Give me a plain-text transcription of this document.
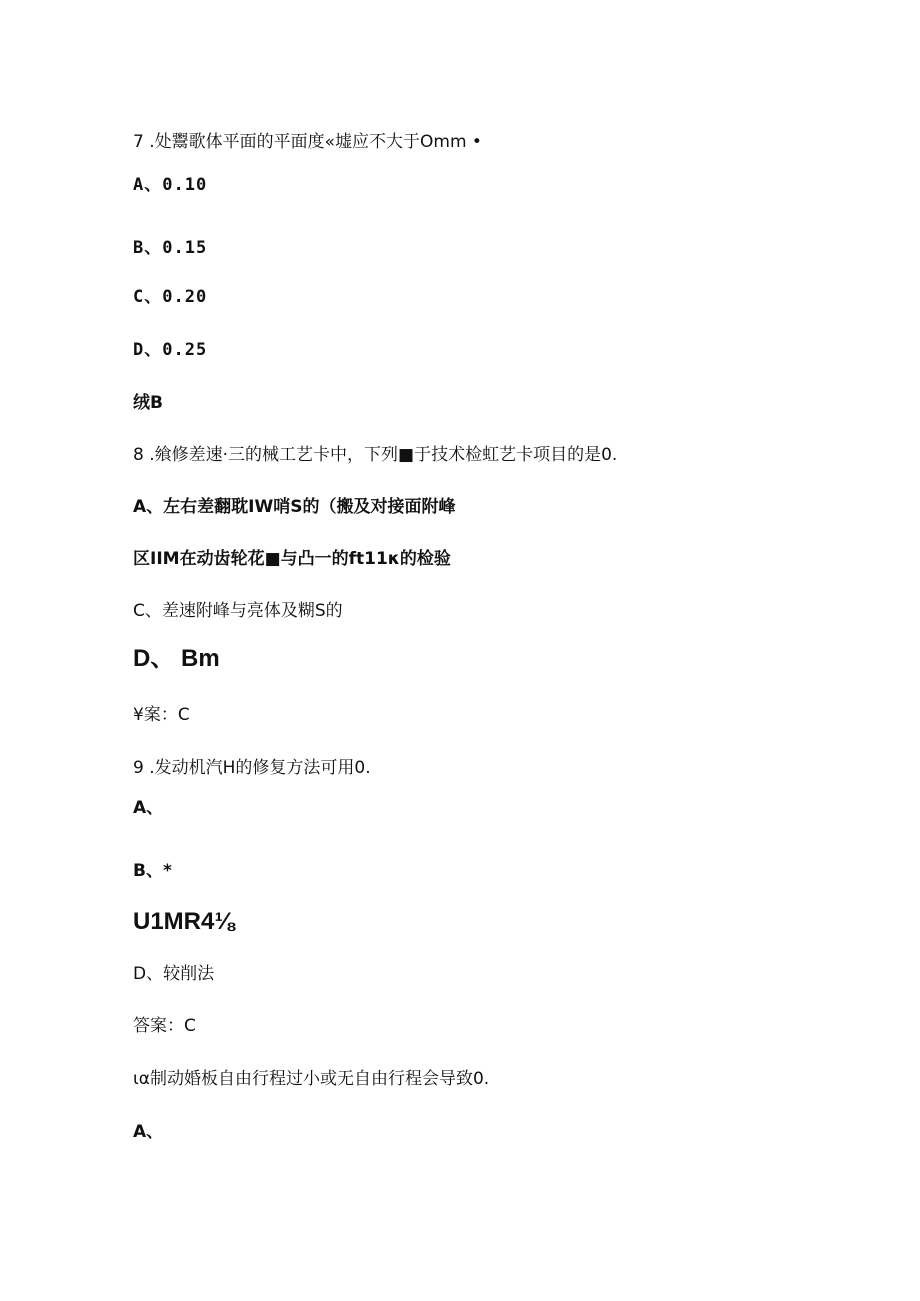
7 .处鬻歌体平面的平面度«墟应不大于Omm •
A、0.10
B、0.15
C、0.20
D、0.25
绒B
8 .飨修差速·三的械工艺卡中，下列■于技术检虹艺卡项目的是0.
A、左右差翻耽IW哨S的（搬及对接面附峰
区IIM在动齿轮花■与凸一的ft11κ的检验
C、差速附峰与亮体及糊S的
D、 Bm
¥案：C
9 .发动机汽H的修复方法可用0.
A、
B、*
U1MR4⅛
D、较削法
答案：C
ια制动婚板自由行程过小或无自由行程会导致0.
A、
